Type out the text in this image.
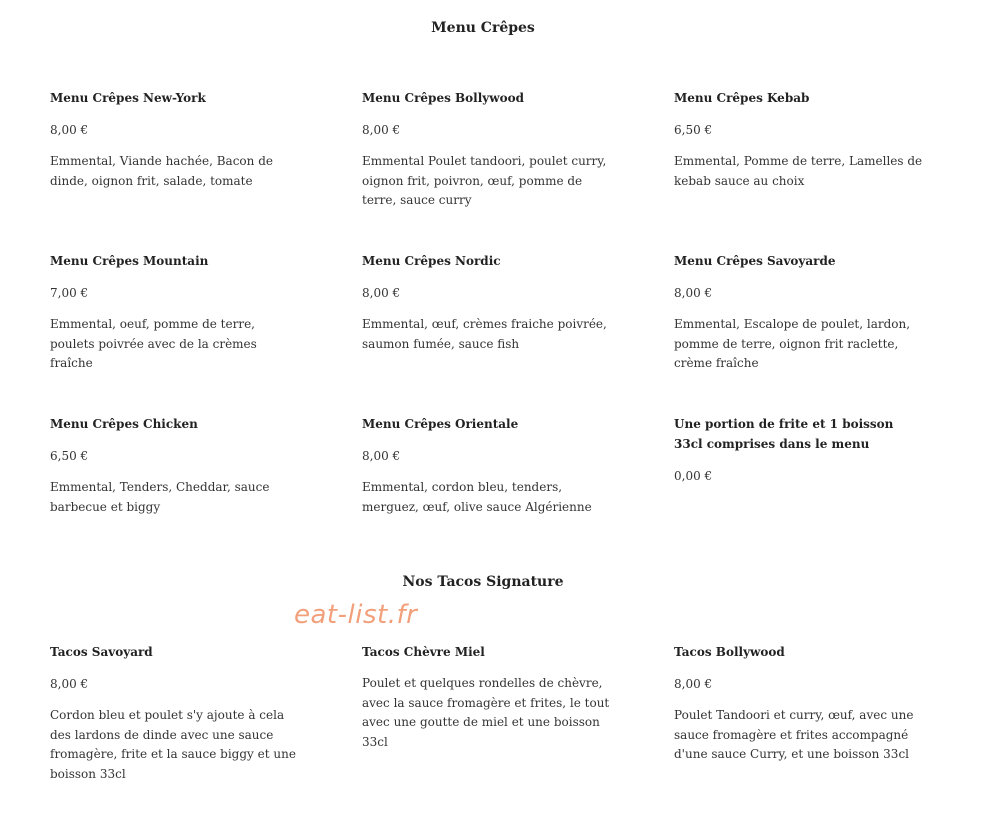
Menu Crêpes

Menu Crêpes New-York

8,00 €

Emmental, Viande hachée, Bacon de dinde, oignon frit, salade, tomate

Menu Crêpes Bollywood

8,00 €

Emmental Poulet tandoori, poulet curry, oignon frit, poivron, œuf, pomme de terre, sauce curry

Menu Crêpes Kebab

6,50 €

Emmental, Pomme de terre, Lamelles de kebab sauce au choix

Menu Crêpes Mountain

7,00 €

Emmental, oeuf, pomme de terre, poulets poivrée avec de la crèmes fraîche

Menu Crêpes Nordic

8,00 €

Emmental, œuf, crèmes fraiche poivrée, saumon fumée, sauce fish

Menu Crêpes Savoyarde

8,00 €

Emmental, Escalope de poulet, lardon, pomme de terre, oignon frit raclette, crème fraîche

Menu Crêpes Chicken

6,50 €

Emmental, Tenders, Cheddar, sauce barbecue et biggy

Menu Crêpes Orientale

8,00 €

Emmental, cordon bleu, tenders, merguez, œuf, olive sauce Algérienne

Une portion de frite et 1 boisson 33cl comprises dans le menu

0,00 €

Nos Tacos Signature
eat-list.fr

Tacos Savoyard

8,00 €

Cordon bleu et poulet s'y ajoute à cela des lardons de dinde avec une sauce fromagère, frite et la sauce biggy et une boisson 33cl

Tacos Chèvre Miel

Poulet et quelques rondelles de chèvre, avec la sauce fromagère et frites, le tout avec une goutte de miel et une boisson 33cl

Tacos Bollywood

8,00 €

Poulet Tandoori et curry, œuf, avec une sauce fromagère et frites accompagné d'une sauce Curry, et une boisson 33cl
